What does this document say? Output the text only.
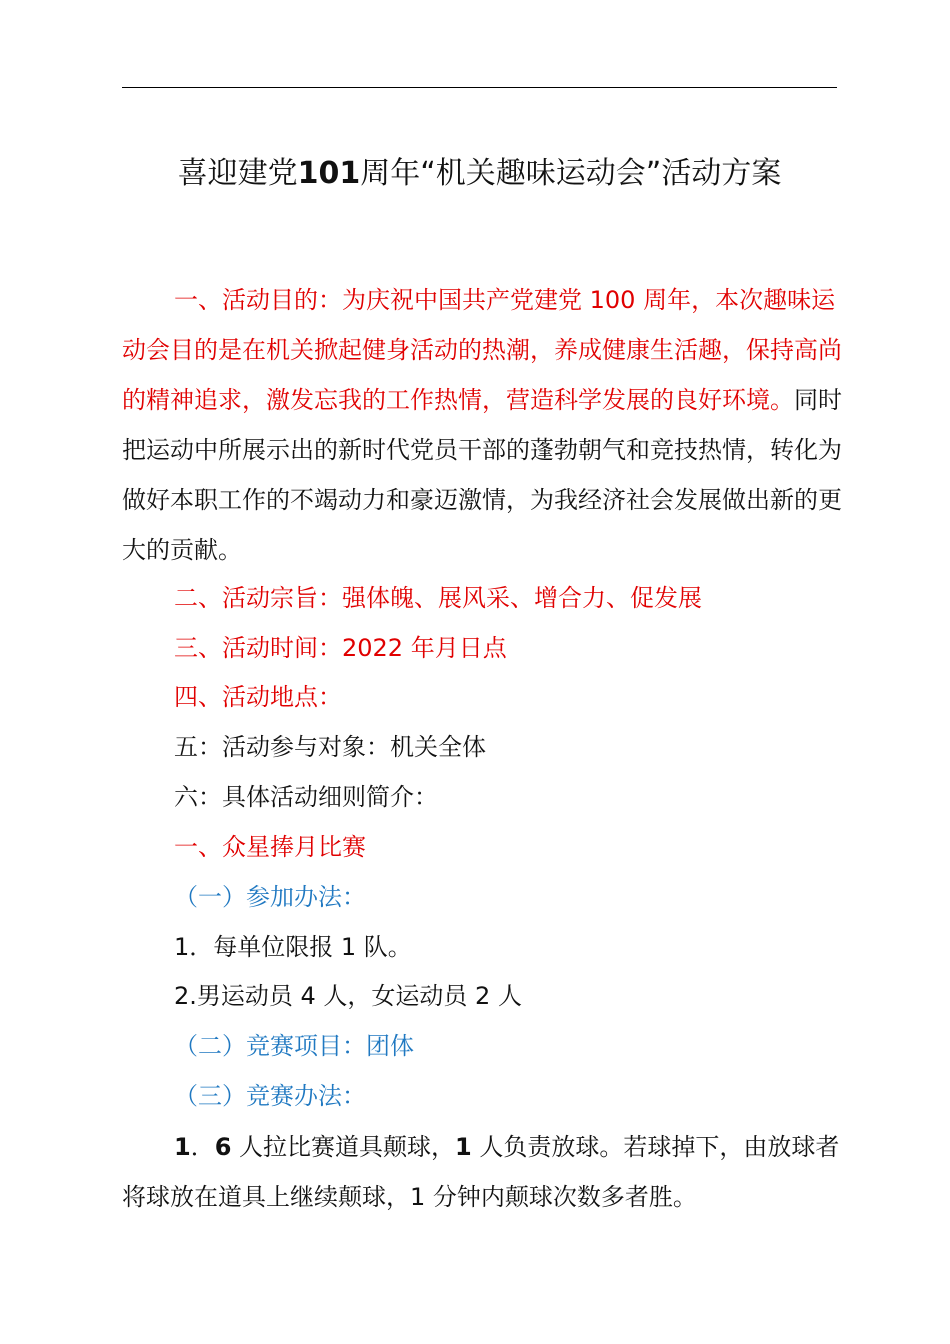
喜迎建党101周年“机关趣味运动会”活动方案

一、活动目的：为庆祝中国共产党建党 100 周年，本次趣味运动会目的是在机关掀起健身活动的热潮，养成健康生活趣，保持高尚的精神追求，激发忘我的工作热情，营造科学发展的良好环境。同时把运动中所展示出的新时代党员干部的蓬勃朝气和竞技热情，转化为做好本职工作的不竭动力和豪迈激情，为我经济社会发展做出新的更大的贡献。

二、活动宗旨：强体魄、展风采、增合力、促发展

三、活动时间：2022 年月日点

四、活动地点：

五：活动参与对象：机关全体

六：具体活动细则简介：

一、众星捧月比赛

（一）参加办法：

1．每单位限报 1 队。

2.男运动员 4 人，女运动员 2 人

（二）竞赛项目：团体

（三）竞赛办法：

1．6 人拉比赛道具颠球，1 人负责放球。若球掉下，由放球者将球放在道具上继续颠球，1 分钟内颠球次数多者胜。
